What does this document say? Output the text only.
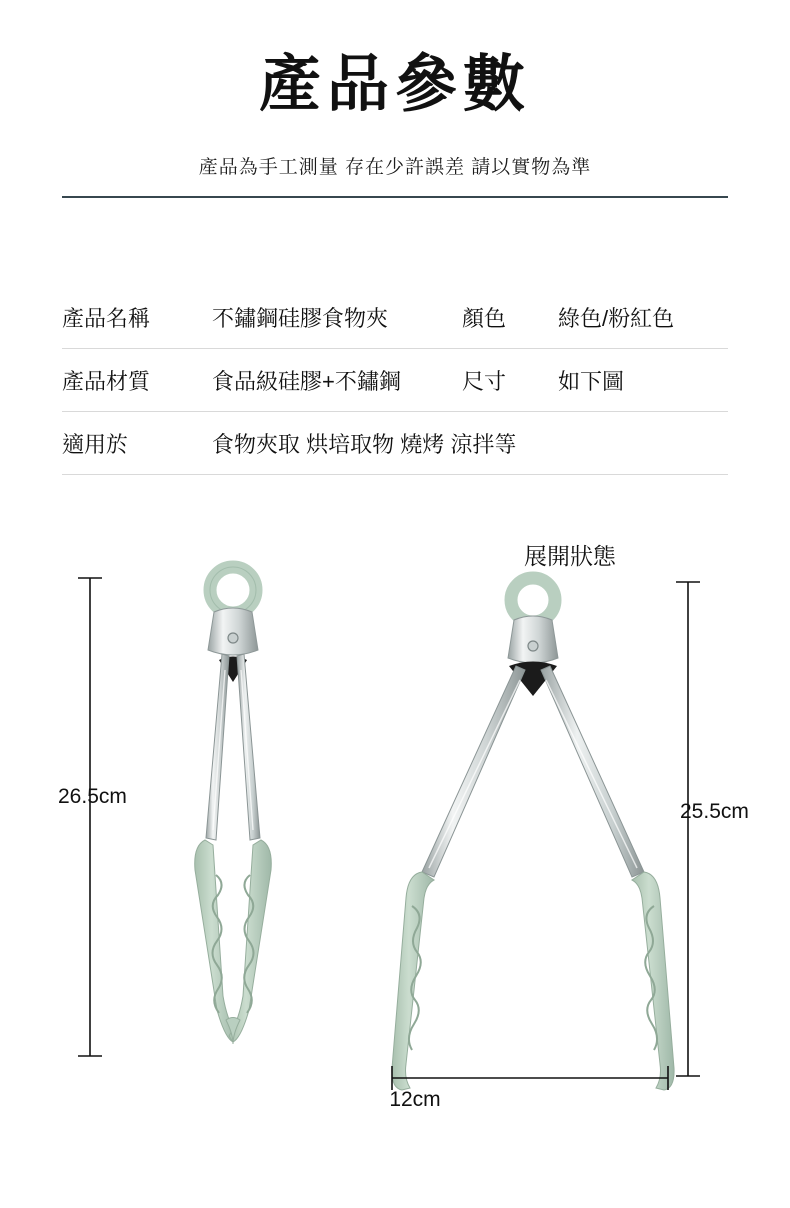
產品參數
產品為手工測量 存在少許誤差 請以實物為準
產品名稱	不鏽鋼硅膠食物夾	顏色	綠色/粉紅色
產品材質	食品級硅膠+不鏽鋼	尺寸	如下圖
適用於	食物夾取 烘培取物 燒烤 涼拌等
展開狀態
26.5cm
25.5cm
12cm
